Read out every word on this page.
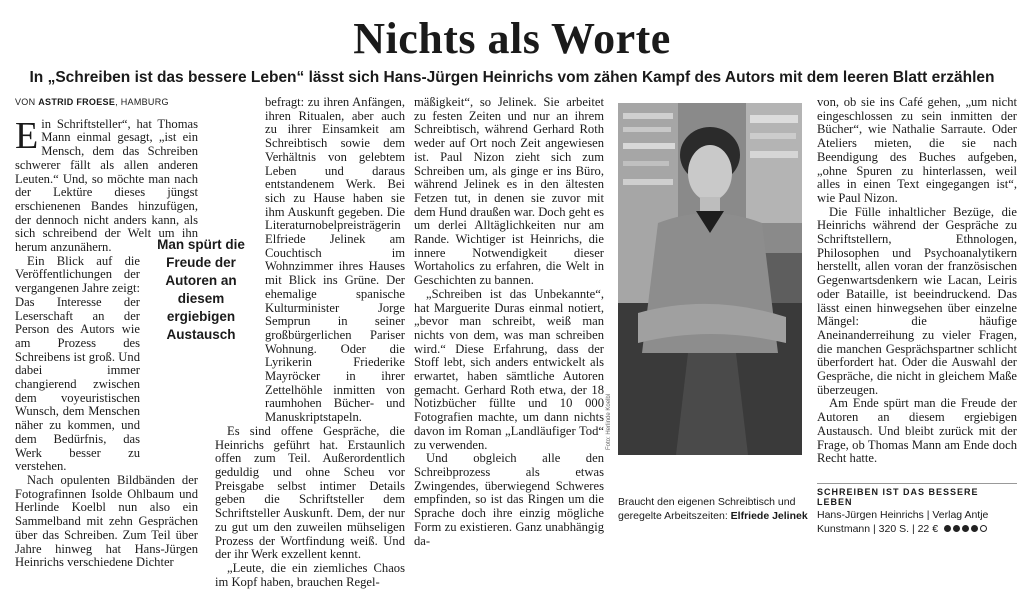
Nichts als Worte
In „Schreiben ist das bessere Leben“ lässt sich Hans-Jürgen Heinrichs vom zähen Kampf des Autors mit dem leeren Blatt erzählen
VON ASTRID FROESE, HAMBURG

Ein Schriftsteller“, hat Thomas Mann einmal gesagt, „ist ein Mensch, dem das Schreiben schwerer fällt als allen anderen Leuten.“ Und, so möchte man nach der Lektüre dieses jüngst erschienenen Bandes hinzufügen, der dennoch nicht anders kann, als sich schreibend der Welt um ihn herum anzunähern.

Ein Blick auf die Veröffentlichungen der vergangenen Jahre zeigt: Das Interesse der Leserschaft an der Person des Autors wie am Prozess des Schreibens ist groß. Und dabei immer changierend zwischen dem voyeuristischen Wunsch, dem Menschen näher zu kommen, und dem Bedürfnis, das Werk besser zu verstehen.

Nach opulenten Bildbänden der Fotografinnen Isolde Ohlbaum und Herlinde Koelbl nun also ein Sammelband mit zehn Gesprächen über das Schreiben. Zum Teil über Jahre hinweg hat Hans-Jürgen Heinrichs verschiedene Dichter

befragt: zu ihren Anfängen, ihren Ritualen, aber auch zu ihrer Einsamkeit am Schreibtisch sowie dem Verhältnis von gelebtem Leben und daraus entstandenem Werk. Bei sich zu Hause haben sie ihm Auskunft gegeben. Die Literaturnobelpreisträgerin Elfriede Jelinek am Couchtisch im Wohnzimmer ihres Hauses mit Blick ins Grüne. Der ehemalige spanische Kulturminister Jorge Semprun in seiner großbürgerlichen Pariser Wohnung. Oder die Lyrikerin Friederike Mayröcker in ihrer Zettelhöhle inmitten von raumhohen Bücher- und Manuskriptstapeln.

Es sind offene Gespräche, die Heinrichs geführt hat. Erstaunlich offen zum Teil. Außerordentlich geduldig und ohne Scheu vor Preisgabe selbst intimer Details geben die Schriftsteller dem Schriftsteller Auskunft. Dem, der nur zu gut um den zuweilen mühseligen Prozess der Wortfindung weiß. Und der ihr Werk exzellent kennt.

„Leute, die ein ziemliches Chaos im Kopf haben, brauchen Regel-

Man spürt die Freude der Autoren an diesem ergiebigen Austausch

mäßigkeit“, so Jelinek. Sie arbeitet zu festen Zeiten und nur an ihrem Schreibtisch, während Gerhard Roth weder auf Ort noch Zeit angewiesen ist. Paul Nizon zieht sich zum Schreiben um, als ginge er ins Büro, während Jelinek es in den ältesten Fetzen tut, in denen sie zuvor mit dem Hund draußen war. Doch geht es um derlei Alltäglichkeiten nur am Rande. Wichtiger ist Heinrichs, die innere Notwendigkeit dieser Wortaholics zu erfahren, die Welt in Geschichten zu bannen.

„Schreiben ist das Unbekannte“, hat Marguerite Duras einmal notiert, „bevor man schreibt, weiß man nichts von dem, was man schreiben wird.“ Diese Erfahrung, dass der Stoff lebt, sich anders entwickelt als erwartet, haben sämtliche Autoren gemacht. Gerhard Roth etwa, der 18 Notizbücher füllte und 10 000 Fotografien machte, um dann nichts davon im Roman „Landläufiger Tod“ zu verwenden.

Und obgleich alle den Schreibprozess als etwas Zwingendes, überwiegend Schweres empfinden, so ist das Ringen um die Sprache doch ihre einzig mögliche Form zu existieren. Ganz unabhängig da-

Foto: Herlinde Koelbl
Braucht den eigenen Schreibtisch und geregelte Arbeitszeiten: Elfriede Jelinek

von, ob sie ins Café gehen, „um nicht eingeschlossen zu sein inmitten der Bücher“, wie Nathalie Sarraute. Oder Ateliers mieten, die sie nach Beendigung des Buches aufgeben, „ohne Spuren zu hinterlassen, weil alles in einen Text eingegangen ist“, wie Paul Nizon.

Die Fülle inhaltlicher Bezüge, die Heinrichs während der Gespräche zu Schriftstellern, Ethnologen, Philosophen und Psychoanalytikern herstellt, allen voran der französischen Gegenwartsdenkern wie Lacan, Leiris oder Bataille, ist beeindruckend. Das lässt einen hinwegsehen über einzelne Mängel: die häufige Aneinanderreihung zu vieler Fragen, die manchen Gesprächspartner schlicht überfordert hat. Oder die Auswahl der Gespräche, die nicht in gleichem Maße überzeugen.

Am Ende spürt man die Freude der Autoren an diesem ergiebigen Austausch. Und bleibt zurück mit der Frage, ob Thomas Mann am Ende doch Recht hatte.

SCHREIBEN IST DAS BESSERE LEBEN
Hans-Jürgen Heinrichs | Verlag Antje Kunstmann | 320 S. | 22 €
